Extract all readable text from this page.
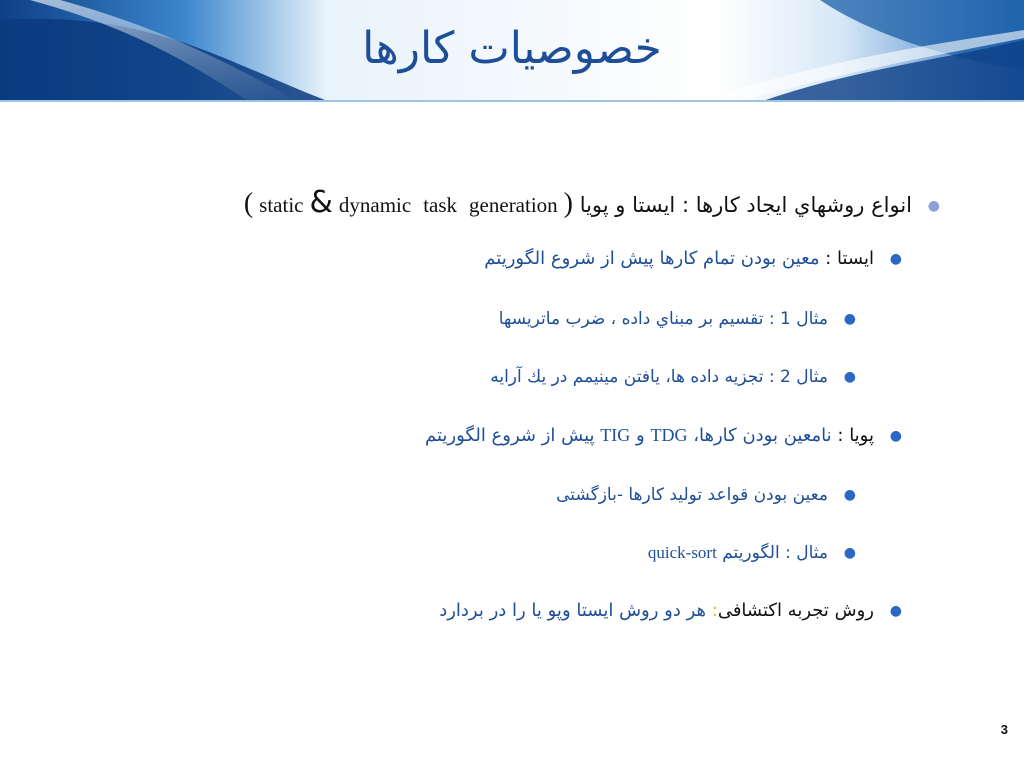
خصوصیات کارها
●انواع روشهاي ايجاد كارها : ايستا و پويا ( static & dynamic task generation )
●ايستا : معين بودن تمام كارها پيش از شروع الگوريتم
●مثال 1 : تقسيم بر مبناي داده ، ضرب ماتريسها
●مثال 2 : تجزيه داده ها، يافتن مينيمم در يك آرايه
●پويا : نامعين بودن كارها، TDG و TIG پيش از شروع الگوريتم
●معين بودن قواعد توليد كارها -بازگشتی
●مثال : الگوريتم quick-sort
●روش تجربه اكتشافی: هر دو روش ايستا وپو يا را در بردارد
3
